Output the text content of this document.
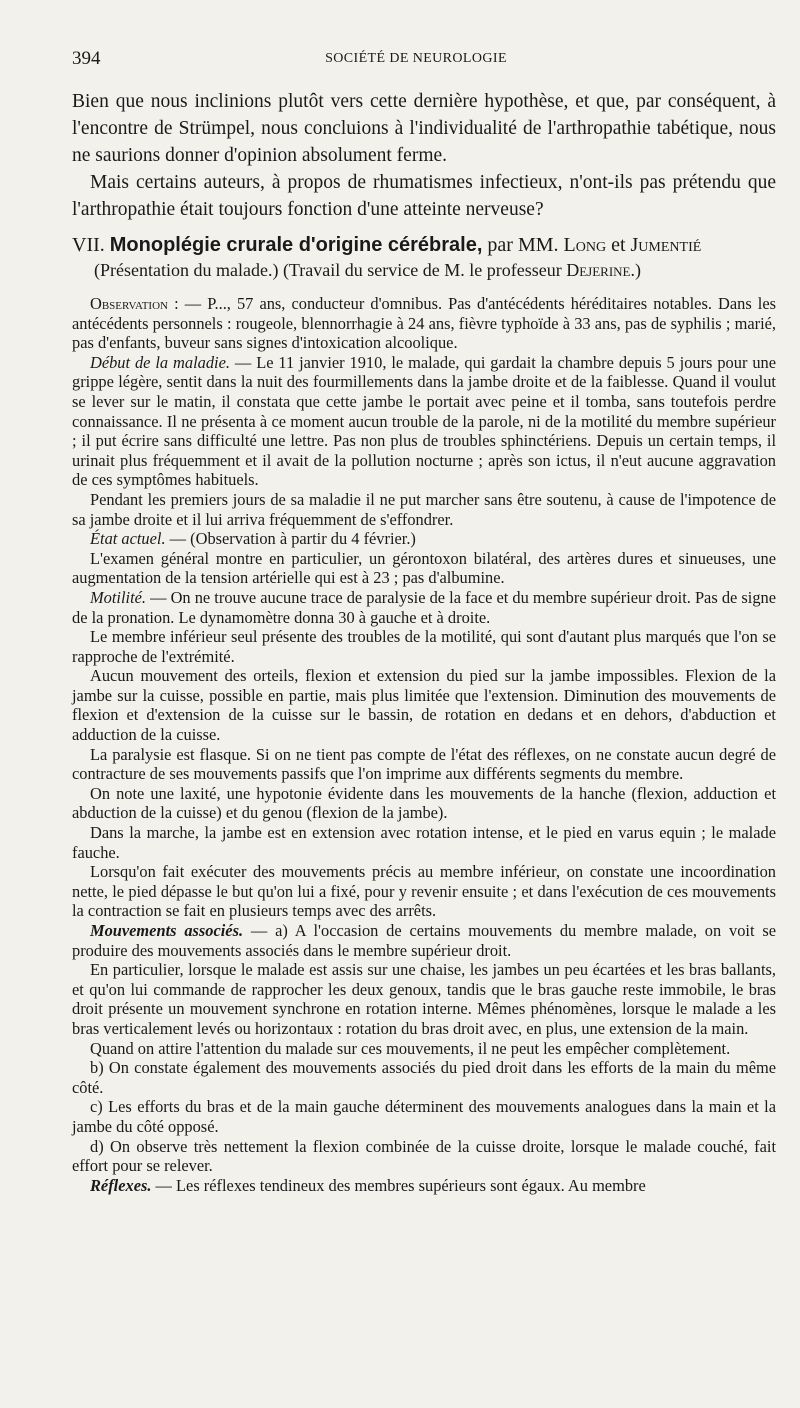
394	SOCIÉTÉ DE NEUROLOGIE

Bien que nous inclinions plutôt vers cette dernière hypothèse, et que, par conséquent, à l'encontre de Strümpel, nous concluions à l'individualité de l'arthropathie tabétique, nous ne saurions donner d'opinion absolument ferme.

Mais certains auteurs, à propos de rhumatismes infectieux, n'ont-ils pas prétendu que l'arthropathie était toujours fonction d'une atteinte nerveuse?

VII. Monoplégie crurale d'origine cérébrale, par MM. Long et Jumentié
(Présentation du malade.) (Travail du service de M. le professeur Dejerine.)

Observation : — P..., 57 ans, conducteur d'omnibus. Pas d'antécédents héréditaires notables. Dans les antécédents personnels : rougeole, blennorrhagie à 24 ans, fièvre typhoïde à 33 ans, pas de syphilis ; marié, pas d'enfants, buveur sans signes d'intoxication alcoolique.

Début de la maladie. — Le 11 janvier 1910, le malade, qui gardait la chambre depuis 5 jours pour une grippe légère, sentit dans la nuit des fourmillements dans la jambe droite et de la faiblesse. Quand il voulut se lever sur le matin, il constata que cette jambe le portait avec peine et il tomba, sans toutefois perdre connaissance. Il ne présenta à ce moment aucun trouble de la parole, ni de la motilité du membre supérieur ; il put écrire sans difficulté une lettre. Pas non plus de troubles sphinctériens. Depuis un certain temps, il urinait plus fréquemment et il avait de la pollution nocturne ; après son ictus, il n'eut aucune aggravation de ces symptômes habituels.

Pendant les premiers jours de sa maladie il ne put marcher sans être soutenu, à cause de l'impotence de sa jambe droite et il lui arriva fréquemment de s'effondrer.

État actuel. — (Observation à partir du 4 février.)

L'examen général montre en particulier, un gérontoxon bilatéral, des artères dures et sinueuses, une augmentation de la tension artérielle qui est à 23 ; pas d'albumine.

Motilité. — On ne trouve aucune trace de paralysie de la face et du membre supérieur droit. Pas de signe de la pronation. Le dynamomètre donna 30 à gauche et à droite.

Le membre inférieur seul présente des troubles de la motilité, qui sont d'autant plus marqués que l'on se rapproche de l'extrémité.

Aucun mouvement des orteils, flexion et extension du pied sur la jambe impossibles. Flexion de la jambe sur la cuisse, possible en partie, mais plus limitée que l'extension. Diminution des mouvements de flexion et d'extension de la cuisse sur le bassin, de rotation en dedans et en dehors, d'abduction et adduction de la cuisse.

La paralysie est flasque. Si on ne tient pas compte de l'état des réflexes, on ne constate aucun degré de contracture de ses mouvements passifs que l'on imprime aux différents segments du membre.

On note une laxité, une hypotonie évidente dans les mouvements de la hanche (flexion, adduction et abduction de la cuisse) et du genou (flexion de la jambe).

Dans la marche, la jambe est en extension avec rotation intense, et le pied en varus equin ; le malade fauche.

Lorsqu'on fait exécuter des mouvements précis au membre inférieur, on constate une incoordination nette, le pied dépasse le but qu'on lui a fixé, pour y revenir ensuite ; et dans l'exécution de ces mouvements la contraction se fait en plusieurs temps avec des arrêts.

Mouvements associés. — a) A l'occasion de certains mouvements du membre malade, on voit se produire des mouvements associés dans le membre supérieur droit.

En particulier, lorsque le malade est assis sur une chaise, les jambes un peu écartées et les bras ballants, et qu'on lui commande de rapprocher les deux genoux, tandis que le bras gauche reste immobile, le bras droit présente un mouvement synchrone en rotation interne. Mêmes phénomènes, lorsque le malade a les bras verticalement levés ou horizontaux : rotation du bras droit avec, en plus, une extension de la main.

Quand on attire l'attention du malade sur ces mouvements, il ne peut les empêcher complètement.

b) On constate également des mouvements associés du pied droit dans les efforts de la main du même côté.

c) Les efforts du bras et de la main gauche déterminent des mouvements analogues dans la main et la jambe du côté opposé.

d) On observe très nettement la flexion combinée de la cuisse droite, lorsque le malade couché, fait effort pour se relever.

Réflexes. — Les réflexes tendineux des membres supérieurs sont égaux. Au membre
